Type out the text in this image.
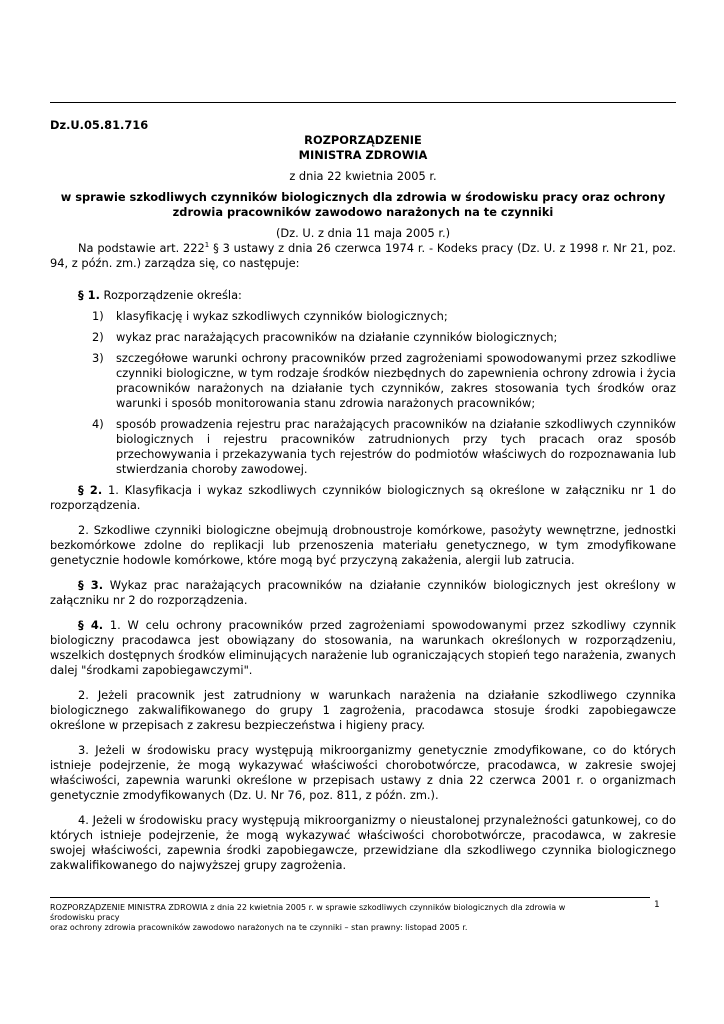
Dz.U.05.81.716

ROZPORZĄDZENIE

MINISTRA ZDROWIA

z dnia 22 kwietnia 2005 r.

w sprawie szkodliwych czynników biologicznych dla zdrowia w środowisku pracy oraz ochrony zdrowia pracowników zawodowo narażonych na te czynniki

(Dz. U. z dnia 11 maja 2005 r.)

Na podstawie art. $222^1$ § 3 ustawy z dnia 26 czerwca 1974 r. - Kodeks pracy (Dz. U. z 1998 r. Nr 21, poz. 94, z późn. zm.) zarządza się, co następuje:

§ 1. Rozporządzenie określa:

1) klasyfikację i wykaz szkodliwych czynników biologicznych;
2) wykaz prac narażających pracowników na działanie czynników biologicznych;
3) szczegółowe warunki ochrony pracowników przed zagrożeniami spowodowanymi przez szkodliwe czynniki biologiczne, w tym rodzaje środków niezbędnych do zapewnienia ochrony zdrowia i życia pracowników narażonych na działanie tych czynników, zakres stosowania tych środków oraz warunki i sposób monitorowania stanu zdrowia narażonych pracowników;
4) sposób prowadzenia rejestru prac narażających pracowników na działanie szkodliwych czynników biologicznych i rejestru pracowników zatrudnionych przy tych pracach oraz sposób przechowywania i przekazywania tych rejestrów do podmiotów właściwych do rozpoznawania lub stwierdzania choroby zawodowej.

§ 2. 1. Klasyfikacja i wykaz szkodliwych czynników biologicznych są określone w załączniku nr 1 do rozporządzenia.

2. Szkodliwe czynniki biologiczne obejmują drobnoustroje komórkowe, pasożyty wewnętrzne, jednostki bezkomórkowe zdolne do replikacji lub przenoszenia materiału genetycznego, w tym zmodyfikowane genetycznie hodowle komórkowe, które mogą być przyczyną zakażenia, alergii lub zatrucia.

§ 3. Wykaz prac narażających pracowników na działanie czynników biologicznych jest określony w załączniku nr 2 do rozporządzenia.

§ 4. 1. W celu ochrony pracowników przed zagrożeniami spowodowanymi przez szkodliwy czynnik biologiczny pracodawca jest obowiązany do stosowania, na warunkach określonych w rozporządzeniu, wszelkich dostępnych środków eliminujących narażenie lub ograniczających stopień tego narażenia, zwanych dalej "środkami zapobiegawczymi".

2. Jeżeli pracownik jest zatrudniony w warunkach narażenia na działanie szkodliwego czynnika biologicznego zakwalifikowanego do grupy 1 zagrożenia, pracodawca stosuje środki zapobiegawcze określone w przepisach z zakresu bezpieczeństwa i higieny pracy.

3. Jeżeli w środowisku pracy występują mikroorganizmy genetycznie zmodyfikowane, co do których istnieje podejrzenie, że mogą wykazywać właściwości chorobotwórcze, pracodawca, w zakresie swojej właściwości, zapewnia warunki określone w przepisach ustawy z dnia 22 czerwca 2001 r. o organizmach genetycznie zmodyfikowanych (Dz. U. Nr 76, poz. 811, z późn. zm.).

4. Jeżeli w środowisku pracy występują mikroorganizmy o nieustalonej przynależności gatunkowej, co do których istnieje podejrzenie, że mogą wykazywać właściwości chorobotwórcze, pracodawca, w zakresie swojej właściwości, zapewnia środki zapobiegawcze, przewidziane dla szkodliwego czynnika biologicznego zakwalifikowanego do najwyższej grupy zagrożenia.

ROZPORZĄDZENIE MINISTRA ZDROWIA z dnia 22 kwietnia 2005 r. w sprawie szkodliwych czynników biologicznych dla zdrowia w środowisku pracy
oraz ochrony zdrowia pracowników zawodowo narażonych na te czynniki – stan prawny: listopad 2005 r.
1
